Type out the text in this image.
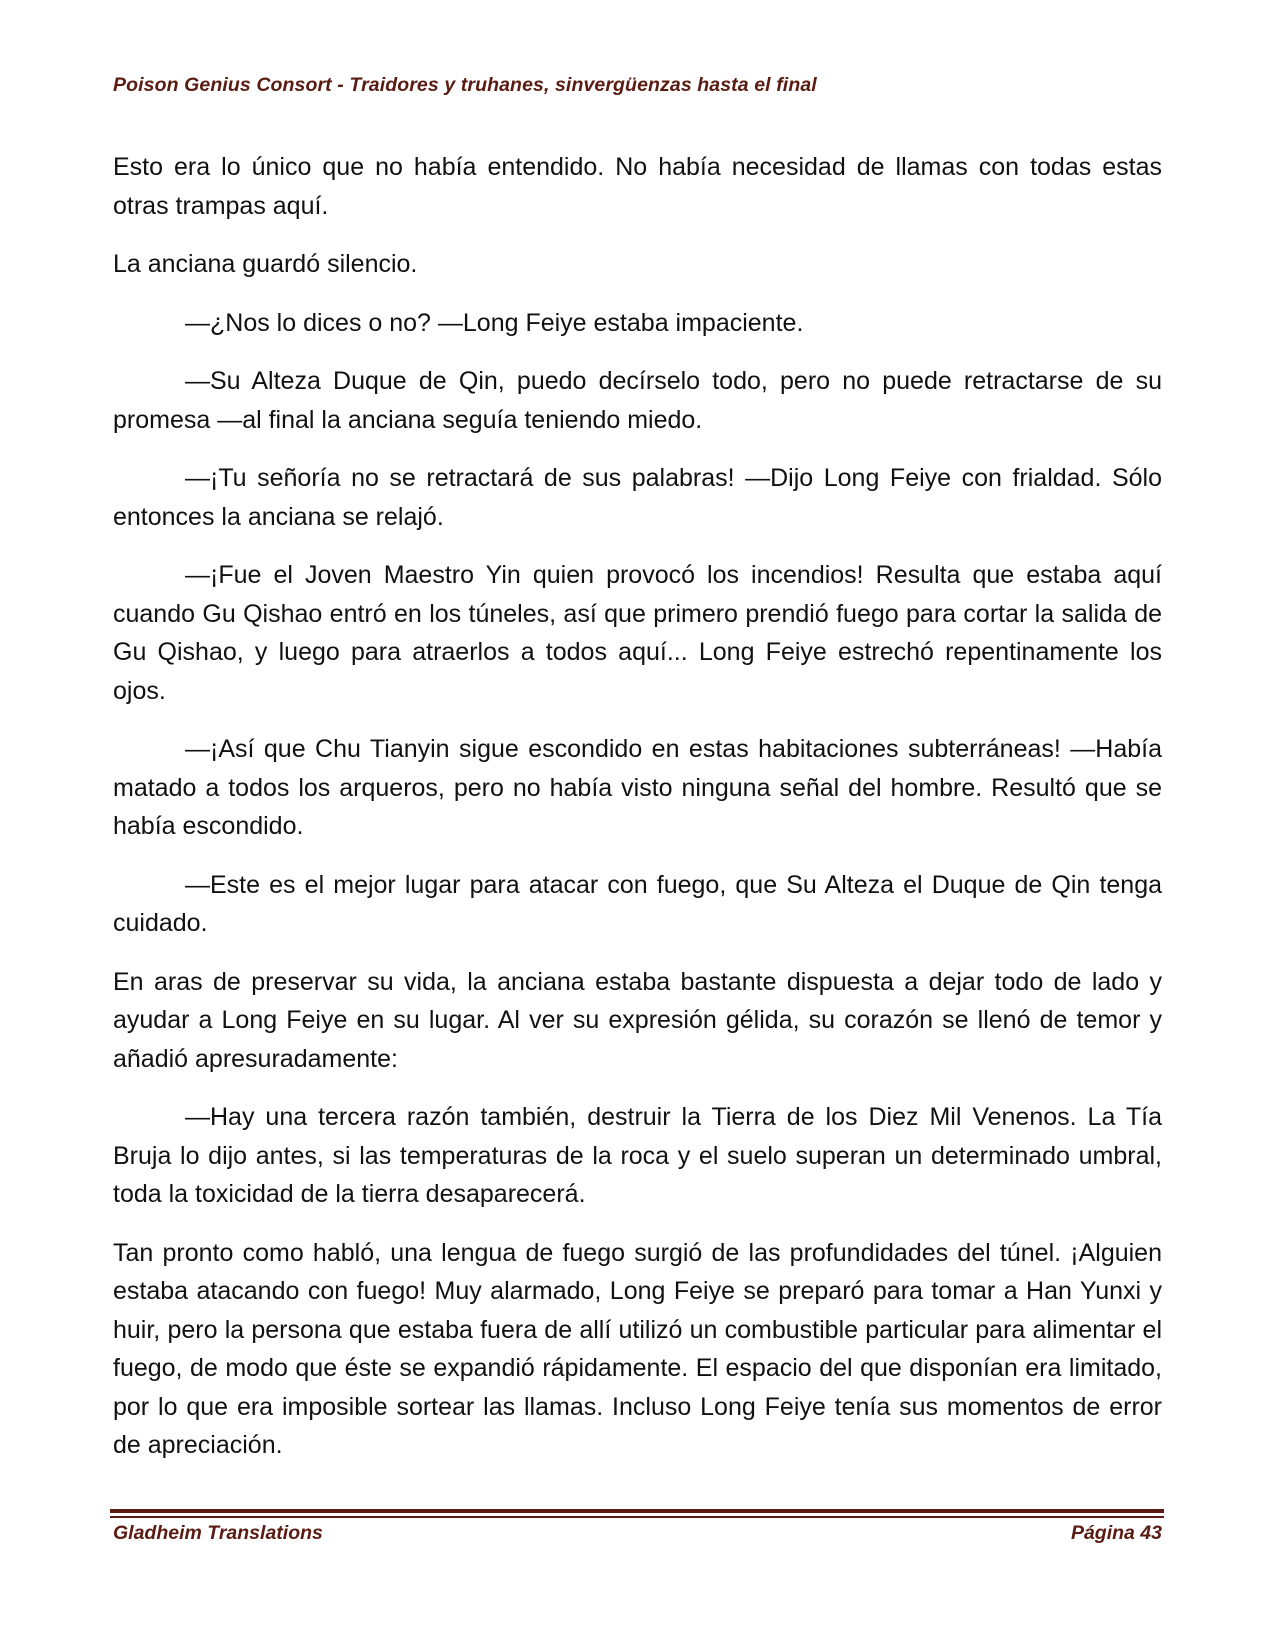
Poison Genius Consort - Traidores y truhanes, sinvergüenzas hasta el final

Esto era lo único que no había entendido. No había necesidad de llamas con todas estas otras trampas aquí.

La anciana guardó silencio.

—¿Nos lo dices o no? —Long Feiye estaba impaciente.

—Su Alteza Duque de Qin, puedo decírselo todo, pero no puede retractarse de su promesa —al final la anciana seguía teniendo miedo.

—¡Tu señoría no se retractará de sus palabras! —Dijo Long Feiye con frialdad. Sólo entonces la anciana se relajó.

—¡Fue el Joven Maestro Yin quien provocó los incendios! Resulta que estaba aquí cuando Gu Qishao entró en los túneles, así que primero prendió fuego para cortar la salida de Gu Qishao, y luego para atraerlos a todos aquí... Long Feiye estrechó repentinamente los ojos.

—¡Así que Chu Tianyin sigue escondido en estas habitaciones subterráneas! —Había matado a todos los arqueros, pero no había visto ninguna señal del hombre. Resultó que se había escondido.

—Este es el mejor lugar para atacar con fuego, que Su Alteza el Duque de Qin tenga cuidado.

En aras de preservar su vida, la anciana estaba bastante dispuesta a dejar todo de lado y ayudar a Long Feiye en su lugar. Al ver su expresión gélida, su corazón se llenó de temor y añadió apresuradamente:

—Hay una tercera razón también, destruir la Tierra de los Diez Mil Venenos. La Tía Bruja lo dijo antes, si las temperaturas de la roca y el suelo superan un determinado umbral, toda la toxicidad de la tierra desaparecerá.

Tan pronto como habló, una lengua de fuego surgió de las profundidades del túnel. ¡Alguien estaba atacando con fuego! Muy alarmado, Long Feiye se preparó para tomar a Han Yunxi y huir, pero la persona que estaba fuera de allí utilizó un combustible particular para alimentar el fuego, de modo que éste se expandió rápidamente. El espacio del que disponían era limitado, por lo que era imposible sortear las llamas. Incluso Long Feiye tenía sus momentos de error de apreciación.

Gladheim Translations	Página 43
